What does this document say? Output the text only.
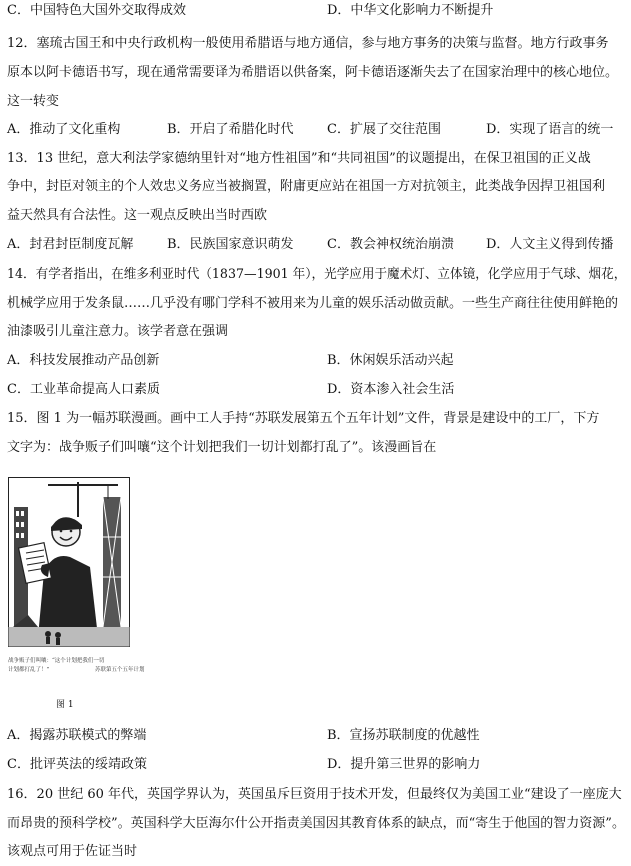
C．中国特色大国外交取得成效	D．中华文化影响力不断提升
12．塞琉古国王和中央行政机构一般使用希腊语与地方通信，参与地方事务的决策与监督。地方行政事务
原本以阿卡德语书写，现在通常需要译为希腊语以供备案，阿卡德语逐渐失去了在国家治理中的核心地位。
这一转变
A．推动了文化重构	B．开启了希腊化时代	C．扩展了交往范围	D．实现了语言的统一
13．13 世纪，意大利法学家德纳里针对“地方性祖国”和“共同祖国”的议题提出，在保卫祖国的正义战
争中，封臣对领主的个人效忠义务应当被搁置，附庸更应站在祖国一方对抗领主，此类战争因捍卫祖国利
益天然具有合法性。这一观点反映出当时西欧
A．封君封臣制度瓦解	B．民族国家意识萌发	C．教会神权统治崩溃 D．人文主义得到传播
14．有学者指出，在维多利亚时代（1837—1901 年），光学应用于魔术灯、立体镜，化学应用于气球、烟花，
机械学应用于发条鼠……几乎没有哪门学科不被用来为儿童的娱乐活动做贡献。一些生产商往往使用鲜艳的
油漆吸引儿童注意力。该学者意在强调
A．科技发展推动产品创新	B．休闲娱乐活动兴起
C．工业革命提高人口素质	D．资本渗入社会生活
15．图 1 为一幅苏联漫画。画中工人手持“苏联发展第五个五年计划”文件，背景是建设中的工厂，下方
文字为：战争贩子们叫嚷“这个计划把我们一切计划都打乱了”。该漫画旨在
战争贩子们叫嚷：“这个计划把我们一切
计划都打乱了！”　　　　　　　　 苏联第五个五年计划
图 1
A．揭露苏联模式的弊端	B．宣扬苏联制度的优越性
C．批评英法的绥靖政策	D．提升第三世界的影响力
16．20 世纪 60 年代，英国学界认为，英国虽斥巨资用于技术开发，但最终仅为美国工业“建设了一座庞大
而昂贵的预科学校”。英国科学大臣海尔什公开指责美国因其教育体系的缺点，而“寄生于他国的智力资源”。
该观点可用于佐证当时
